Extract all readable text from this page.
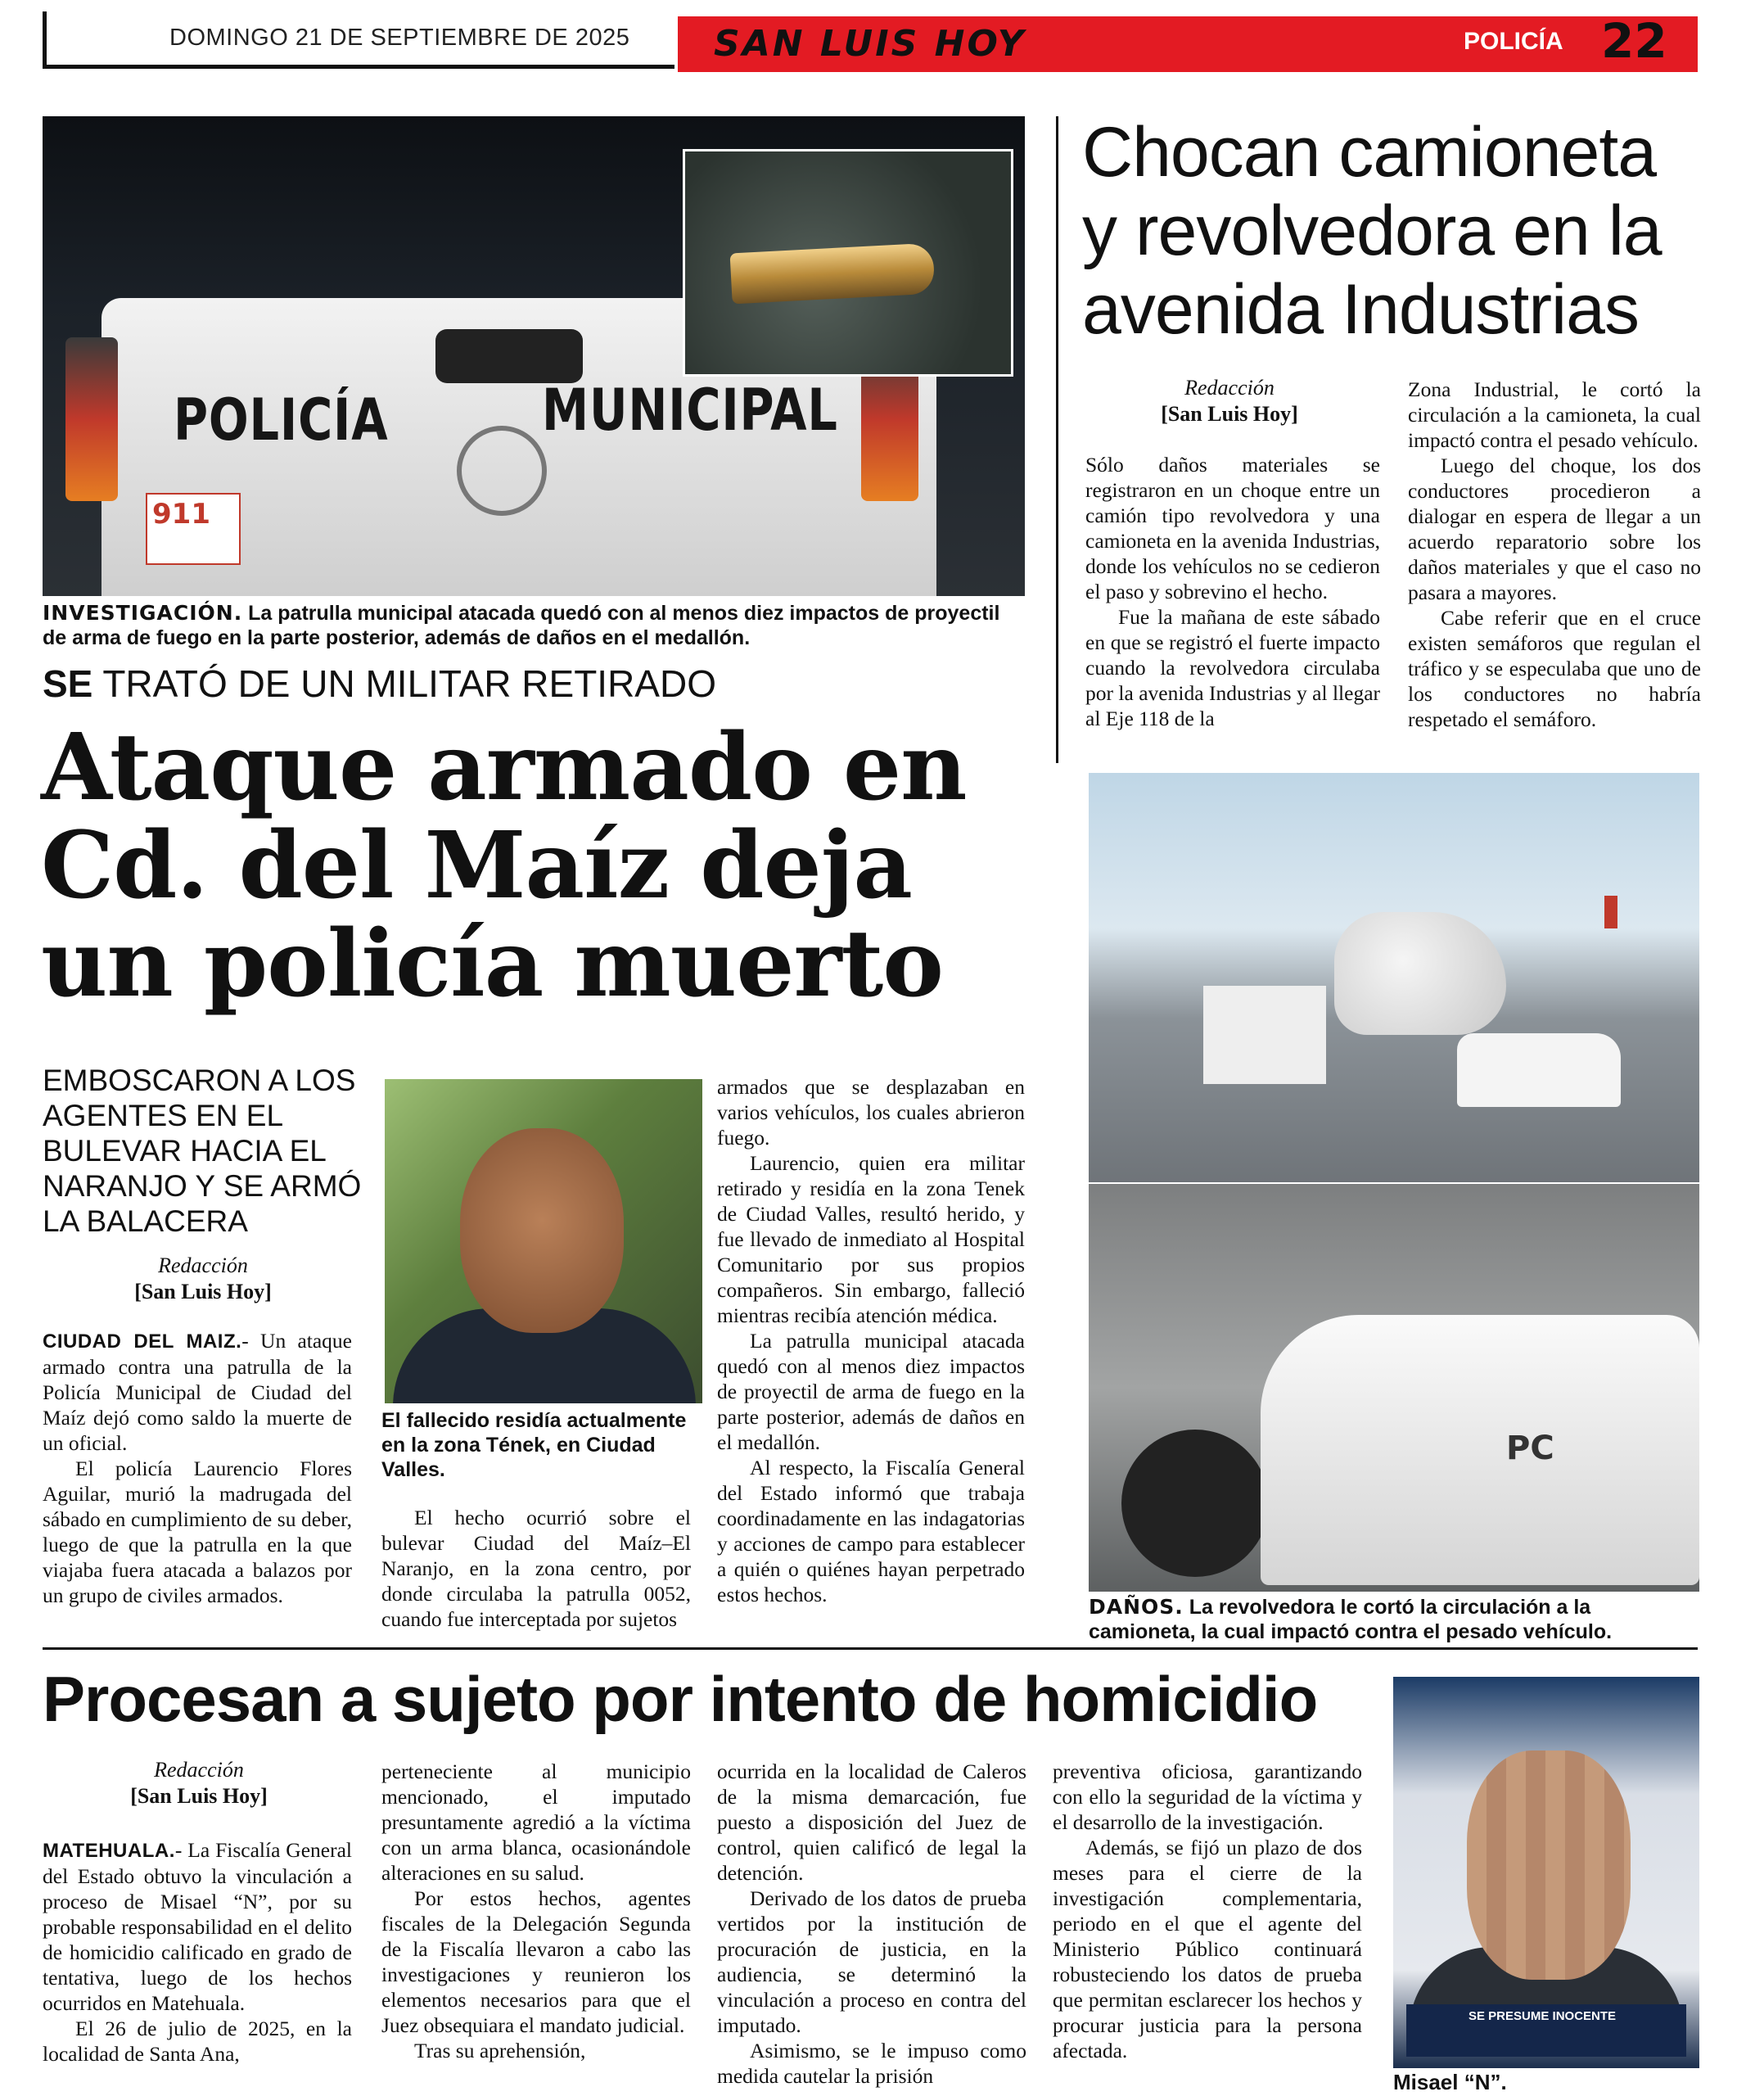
DOMINGO 21 DE SEPTIEMBRE DE 2025 SAN LUIS HOY	POLICÍA 22
POLICÍA	MUNICIPAL
911
INVESTIGACIÓN. La patrulla municipal atacada quedó con al menos diez impactos de proyectil de arma de fuego en la parte posterior, además de daños en el medallón.
SE TRATÓ DE UN MILITAR RETIRADO
Ataque armado en Cd. del Maíz deja un policía muerto
EMBOSCARON A LOS AGENTES EN EL BULEVAR HACIA EL NARANJO Y SE ARMÓ LA BALACERA
Redacción
[San Luis Hoy]

CIUDAD DEL MAIZ.- Un ataque armado contra una patrulla de la Policía Municipal de Ciudad del Maíz dejó como saldo la muerte de un oficial.

El policía Laurencio Flores Aguilar, murió la madrugada del sábado en cumplimiento de su deber, luego de que la patrulla en la que viajaba fuera atacada a balazos por un grupo de civiles armados.

El fallecido residía actualmente en la zona Tének, en Ciudad Valles.

El hecho ocurrió sobre el bulevar Ciudad del Maíz–El Naranjo, en la zona centro, por donde circulaba la patrulla 0052, cuando fue interceptada por sujetos

armados que se desplazaban en varios vehículos, los cuales abrieron fuego.

Laurencio, quien era militar retirado y residía en la zona Tenek de Ciudad Valles, resultó herido, y fue llevado de inmediato al Hospital Comunitario por sus propios compañeros. Sin embargo, falleció mientras recibía atención médica.

La patrulla municipal atacada quedó con al menos diez impactos de proyectil de arma de fuego en la parte posterior, además de daños en el medallón.

Al respecto, la Fiscalía General del Estado informó que trabaja coordinadamente en las indagatorias y acciones de campo para establecer a quién o quiénes hayan perpetrado estos hechos.

Chocan camioneta y revolvedora en la avenida Industrias
Redacción
[San Luis Hoy]

Sólo daños materiales se registraron en un choque entre un camión tipo revolvedora y una camioneta en la avenida Industrias, donde los vehículos no se cedieron el paso y sobrevino el hecho.

Fue la mañana de este sábado en que se registró el fuerte impacto cuando la revolvedora circulaba por la avenida Industrias y al llegar al Eje 118 de la

Zona Industrial, le cortó la circulación a la camioneta, la cual impactó contra el pesado vehículo.

Luego del choque, los dos conductores procedieron a dialogar en espera de llegar a un acuerdo reparatorio sobre los daños materiales y que el caso no pasara a mayores.

Cabe referir que en el cruce existen semáforos que regulan el tráfico y se especulaba que uno de los conductores no habría respetado el semáforo.

PC
DAÑOS. La revolvedora le cortó la circulación a la camioneta, la cual impactó contra el pesado vehículo.
Procesan a sujeto por intento de homicidio
Redacción
[San Luis Hoy]

MATEHUALA.- La Fiscalía General del Estado obtuvo la vinculación a proceso de Misael “N”, por su probable responsabilidad en el delito de homicidio calificado en grado de tentativa, luego de los hechos ocurridos en Matehuala.

El 26 de julio de 2025, en la localidad de Santa Ana,

perteneciente al municipio mencionado, el imputado presuntamente agredió a la víctima con un arma blanca, ocasionándole alteraciones en su salud.

Por estos hechos, agentes fiscales de la Delegación Segunda de la Fiscalía llevaron a cabo las investigaciones y reunieron los elementos necesarios para que el Juez obsequiara el mandato judicial.

Tras su aprehensión,

ocurrida en la localidad de Caleros de la misma demarcación, fue puesto a disposición del Juez de control, quien calificó de legal la detención.

Derivado de los datos de prueba vertidos por la institución de procuración de justicia, en la audiencia, se determinó la vinculación a proceso en contra del imputado.

Asimismo, se le impuso como medida cautelar la prisión

preventiva oficiosa, garantizando con ello la seguridad de la víctima y el desarrollo de la investigación.

Además, se fijó un plazo de dos meses para el cierre de la investigación complementaria, periodo en el que el agente del Ministerio Público continuará robusteciendo los datos de prueba que permitan esclarecer los hechos y procurar justicia para la persona afectada.

SE PRESUME INOCENTE
Misael “N”.
